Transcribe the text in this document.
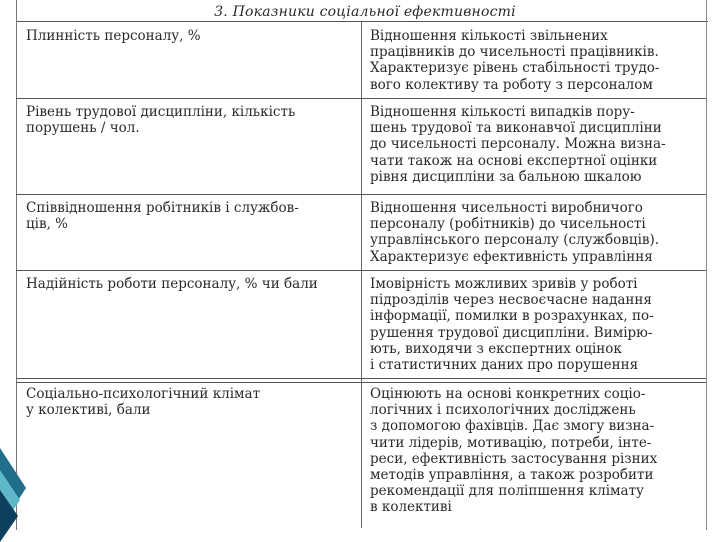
3. Показники соціальної ефективності
Плинність персоналу, %	Відношення кількості звільнених
працівників до чисельності працівників.
Характеризує рівень стабільності трудо-
вого колективу та роботу з персоналом
Рівень трудової дисципліни, кількість
порушень / чол.
Відношення кількості випадків пору-
шень трудової та виконавчої дисципліни
до чисельності персоналу. Можна визна-
чати також на основі експертної оцінки
рівня дисципліни за бальною шкалою
Співвідношення робітників і службов-
ців, %
Відношення чисельності виробничого
персоналу (робітників) до чисельності
управлінського персоналу (службовців).
Характеризує ефективність управління
Надійність роботи персоналу, % чи бали	Імовірність можливих зривів у роботі
підрозділів через несвоєчасне надання
інформації, помилки в розрахунках, по-
рушення трудової дисципліни. Вимірю-
ють, виходячи з експертних оцінок
і статистичних даних про порушення
Соціально-психологічний клімат
у колективі, бали
Оцінюють на основі конкретних соціо-
логічних і психологічних досліджень
з допомогою фахівців. Дає змогу визна-
чити лідерів, мотивацію, потреби, інте-
реси, ефективність застосування різних
методів управління, а також розробити
рекомендації для поліпшення клімату
в колективі
